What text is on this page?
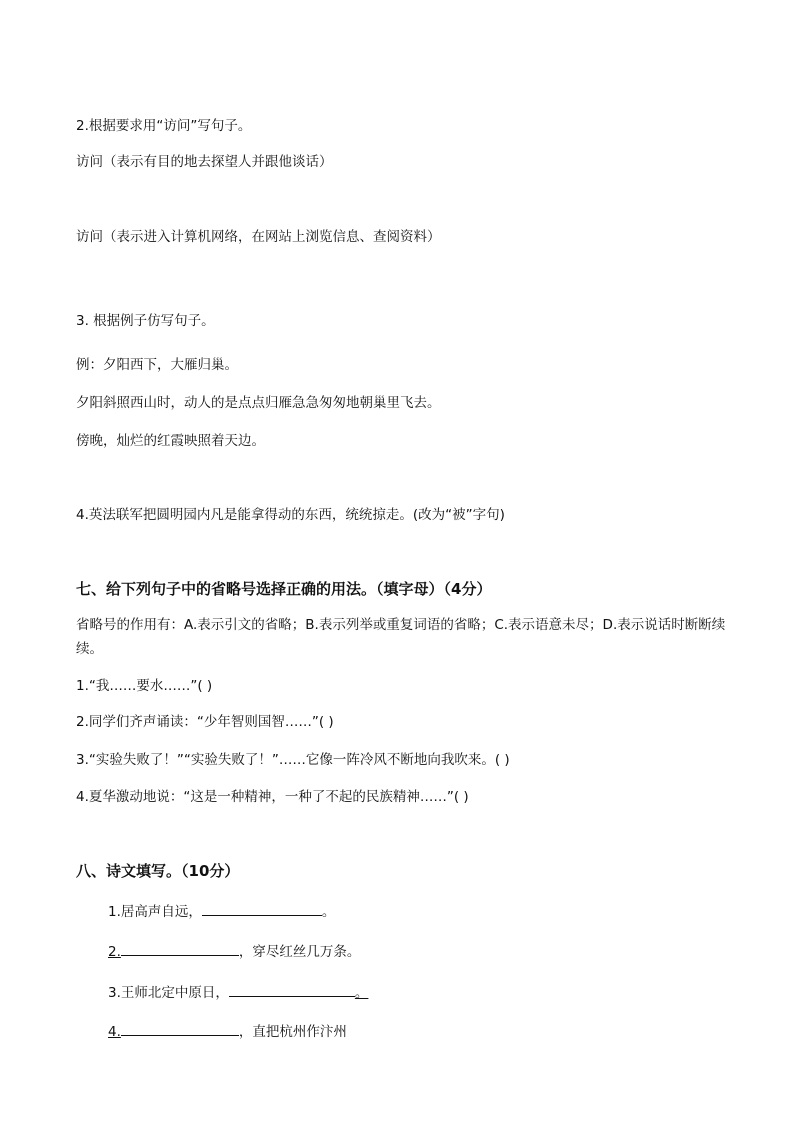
2.根据要求用“访问”写句子。
访问（表示有目的地去探望人并跟他谈话）
访问（表示进入计算机网络，在网站上浏览信息、查阅资料）
3. 根据例子仿写句子。
例：夕阳西下，大雁归巢。
夕阳斜照西山时，动人的是点点归雁急急匆匆地朝巢里飞去。
傍晚，灿烂的红霞映照着天边。
4.英法联军把圆明园内凡是能拿得动的东西，统统掠走。(改为“被”字句)
七、给下列句子中的省略号选择正确的用法。（填字母）（4分）
省略号的作用有：A.表示引文的省略；B.表示列举或重复词语的省略；C.表示语意未尽；D.表示说话时断断续续。
1.“我……要水……”( )
2.同学们齐声诵读：“少年智则国智……”( )
3.“实验失败了！”“实验失败了！”……它像一阵冷风不断地向我吹来。( )
4.夏华激动地说：“这是一种精神，一种了不起的民族精神……”( )
八、诗文填写。（10分）
1.居高声自远，	。
2.	，穿尽红丝几万条。
3.王师北定中原日，	。
4.	，直把杭州作汴州
